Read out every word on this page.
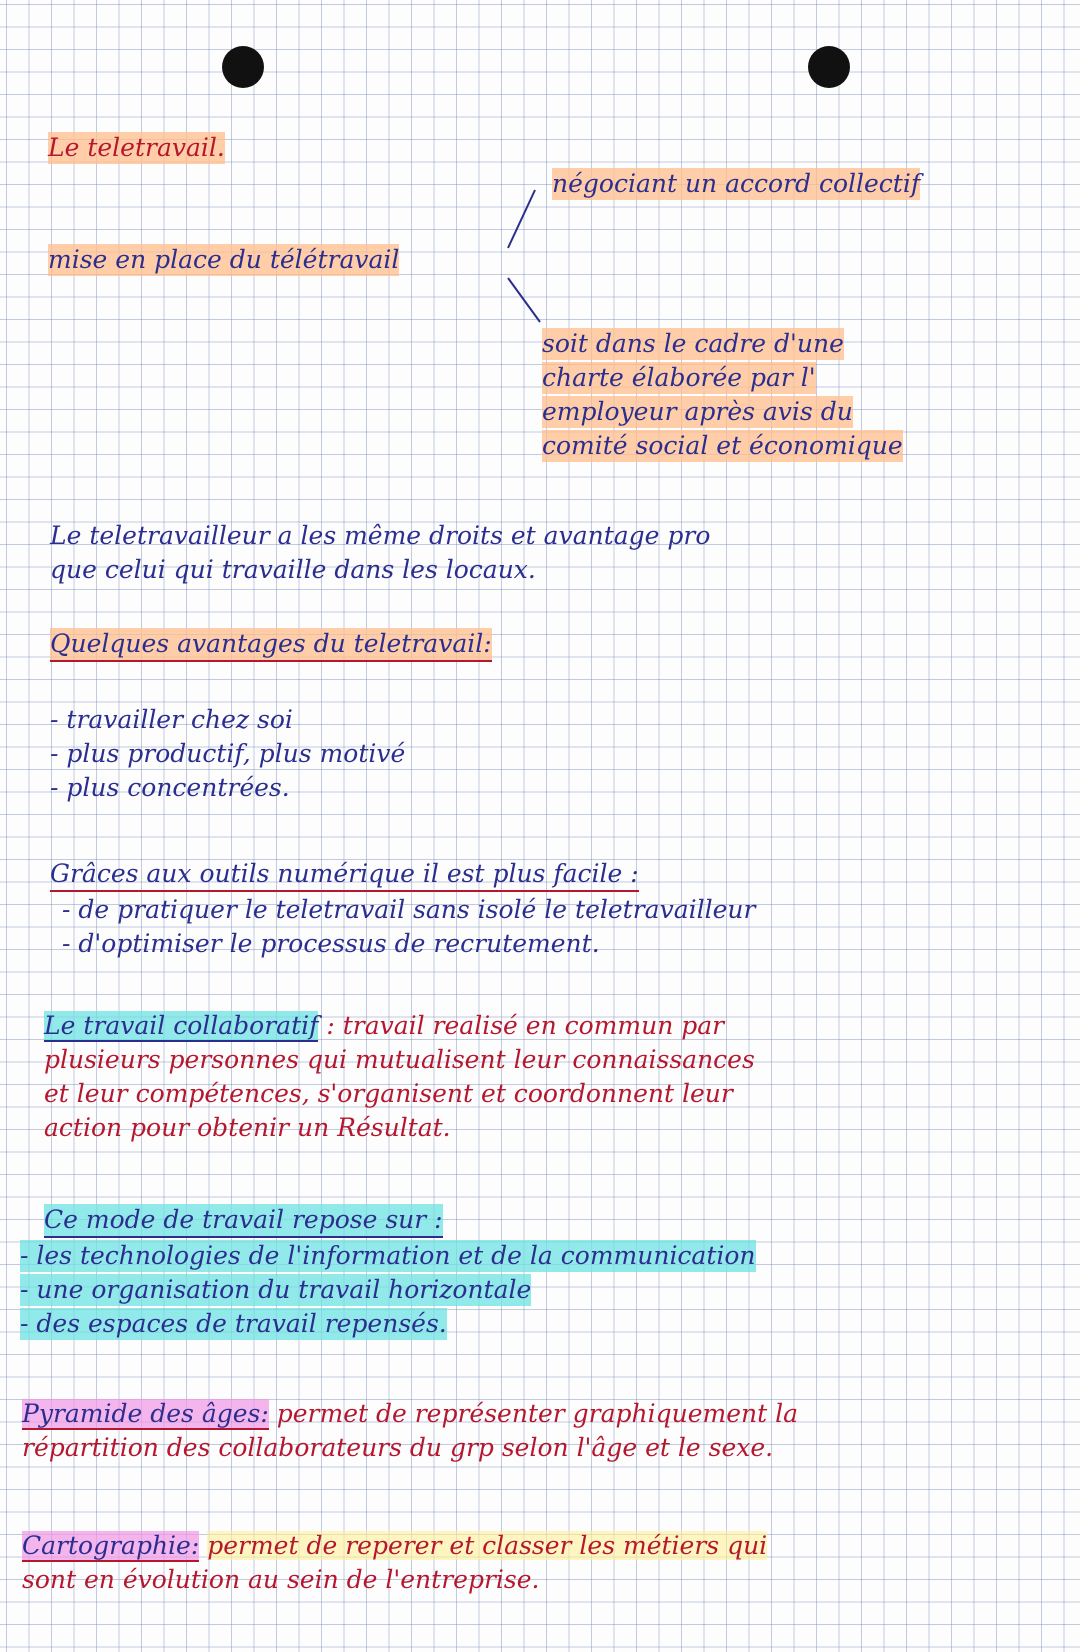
Le teletravail.
mise en place du télétravail
négociant un accord collectif
soit dans le cadre d'une
charte élaborée par l'
employeur après avis du
comité social et économique
Le teletravailleur a les même droits et avantage pro
que celui qui travaille dans les locaux.
Quelques avantages du teletravail:
- travailler chez soi
- plus productif, plus motivé
- plus concentrées.
Grâces aux outils numérique il est plus facile :
- de pratiquer le teletravail sans isolé le teletravailleur
- d'optimiser le processus de recrutement.
Le travail collaboratif : travail realisé en commun par
plusieurs personnes qui mutualisent leur connaissances
et leur compétences, s'organisent et coordonnent leur
action pour obtenir un Résultat.
Ce mode de travail repose sur :
- les technologies de l'information et de la communication
- une organisation du travail horizontale
- des espaces de travail repensés.
Pyramide des âges: permet de représenter graphiquement la
répartition des collaborateurs du grp selon l'âge et le sexe.
Cartographie: permet de reperer et classer les métiers qui
sont en évolution au sein de l'entreprise.
